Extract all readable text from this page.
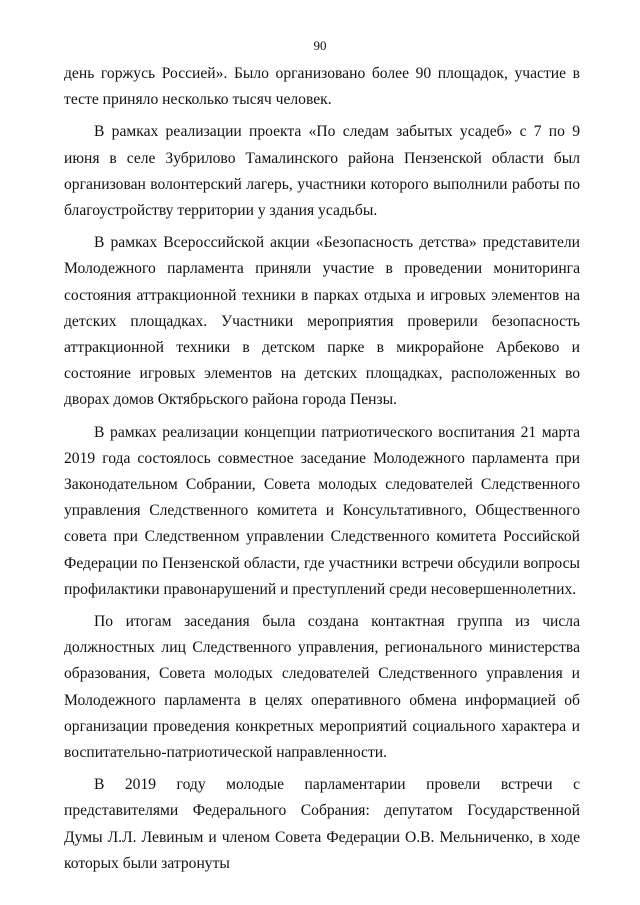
90

день горжусь Россией». Было организовано более 90 площадок, участие в тесте приняло несколько тысяч человек.

В рамках реализации проекта «По следам забытых усадеб» с 7 по 9 июня в селе Зубрилово Тамалинского района Пензенской области был организован волонтерский лагерь, участники которого выполнили работы по благоустройству территории у здания усадьбы.

В рамках Всероссийской акции «Безопасность детства» представители Молодежного парламента приняли участие в проведении мониторинга состояния аттракционной техники в парках отдыха и игровых элементов на детских площадках. Участники мероприятия проверили безопасность аттракционной техники в детском парке в микрорайоне Арбеково и состояние игровых элементов на детских площадках, расположенных во дворах домов Октябрьского района города Пензы.

В рамках реализации концепции патриотического воспитания 21 марта 2019 года состоялось совместное заседание Молодежного парламента при Законодательном Собрании, Совета молодых следователей Следственного управления Следственного комитета и Консультативного, Общественного совета при Следственном управлении Следственного комитета Российской Федерации по Пензенской области, где участники встречи обсудили вопросы профилактики правонарушений и преступлений среди несовершеннолетних.

По итогам заседания была создана контактная группа из числа должностных лиц Следственного управления, регионального министерства образования, Совета молодых следователей Следственного управления и Молодежного парламента в целях оперативного обмена информацией об организации проведения конкретных мероприятий социального характера и воспитательно-патриотической направленности.

В 2019 году молодые парламентарии провели встречи с представителями Федерального Собрания: депутатом Государственной Думы Л.Л. Левиным и членом Совета Федерации О.В. Мельниченко, в ходе которых были затронуты
